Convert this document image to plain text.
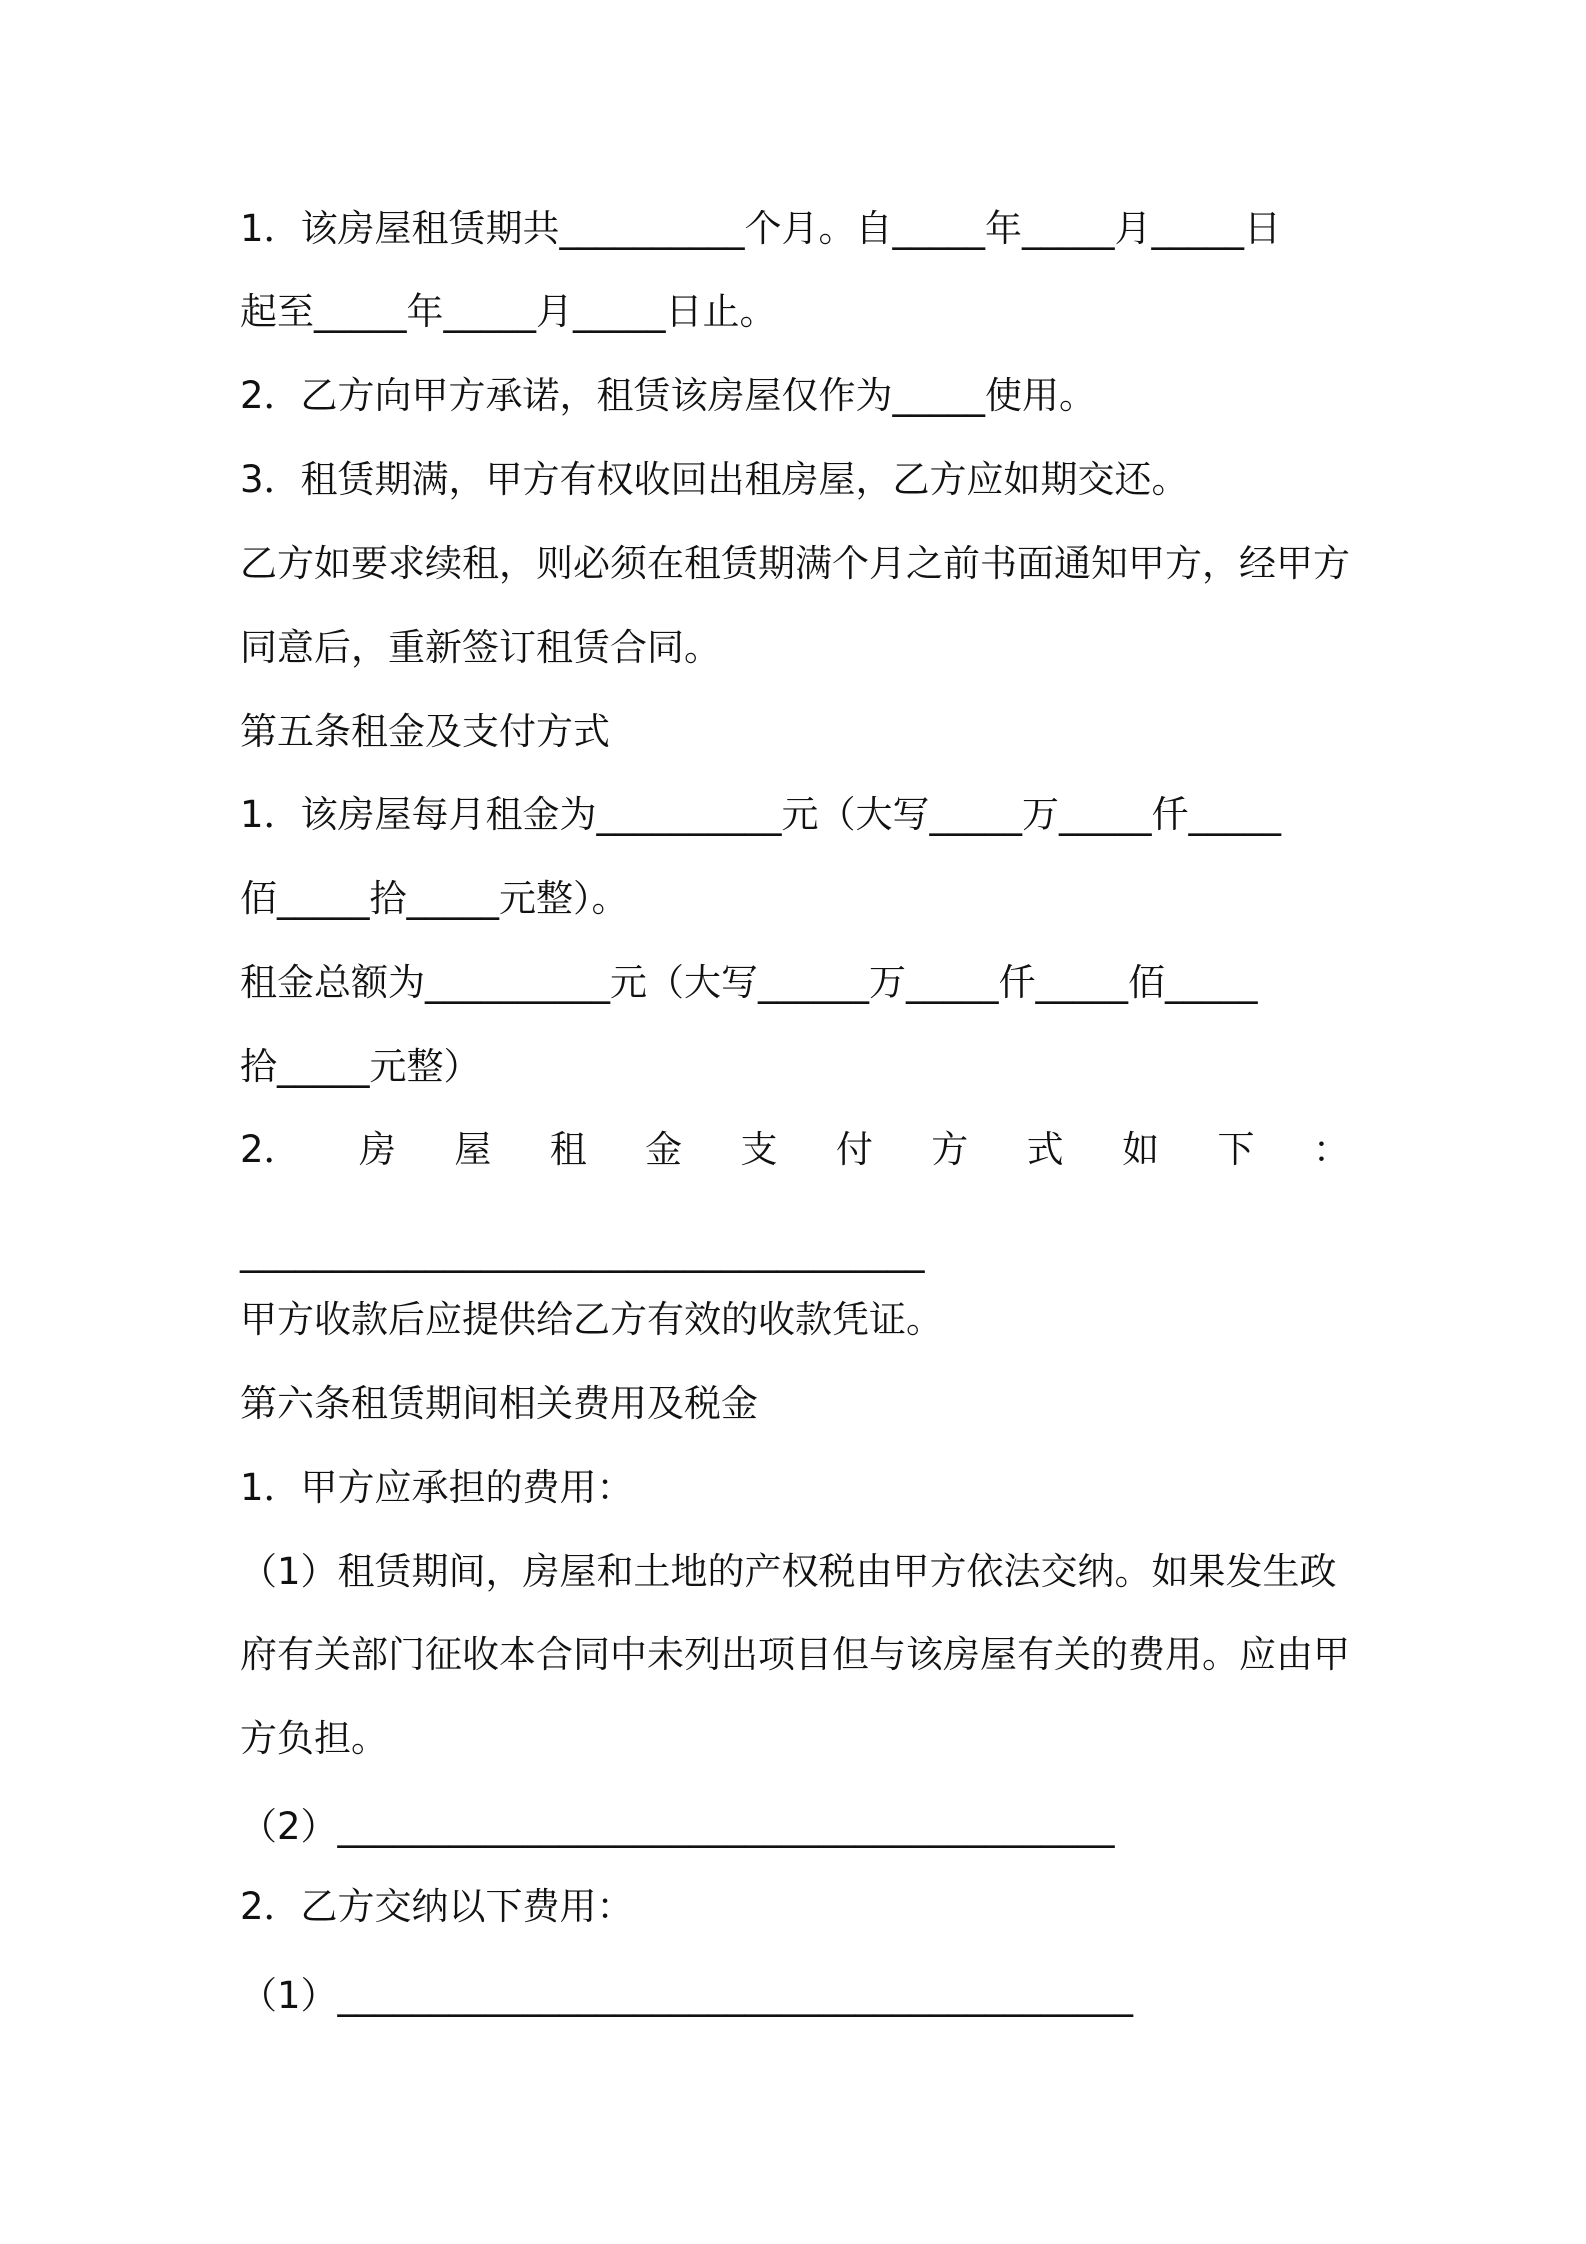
1．该房屋租赁期共__________个月。自_____年_____月_____日
起至_____年_____月_____日止。
2．乙方向甲方承诺，租赁该房屋仅作为_____使用。
3．租赁期满，甲方有权收回出租房屋，乙方应如期交还。
乙方如要求续租，则必须在租赁期满个月之前书面通知甲方，经甲方
同意后，重新签订租赁合同。
第五条租金及支付方式
1．该房屋每月租金为__________元（大写_____万_____仟_____
佰_____拾_____元整）。
租金总额为__________元（大写______万_____仟_____佰_____
拾_____元整）
2． 房 屋 租 金 支 付 方 式 如 下 ：
_____________________________________
甲方收款后应提供给乙方有效的收款凭证。
第六条租赁期间相关费用及税金
1．甲方应承担的费用：
（1）租赁期间，房屋和土地的产权税由甲方依法交纳。如果发生政
府有关部门征收本合同中未列出项目但与该房屋有关的费用。应由甲
方负担。
（2）__________________________________________
2．乙方交纳以下费用：
（1）___________________________________________
